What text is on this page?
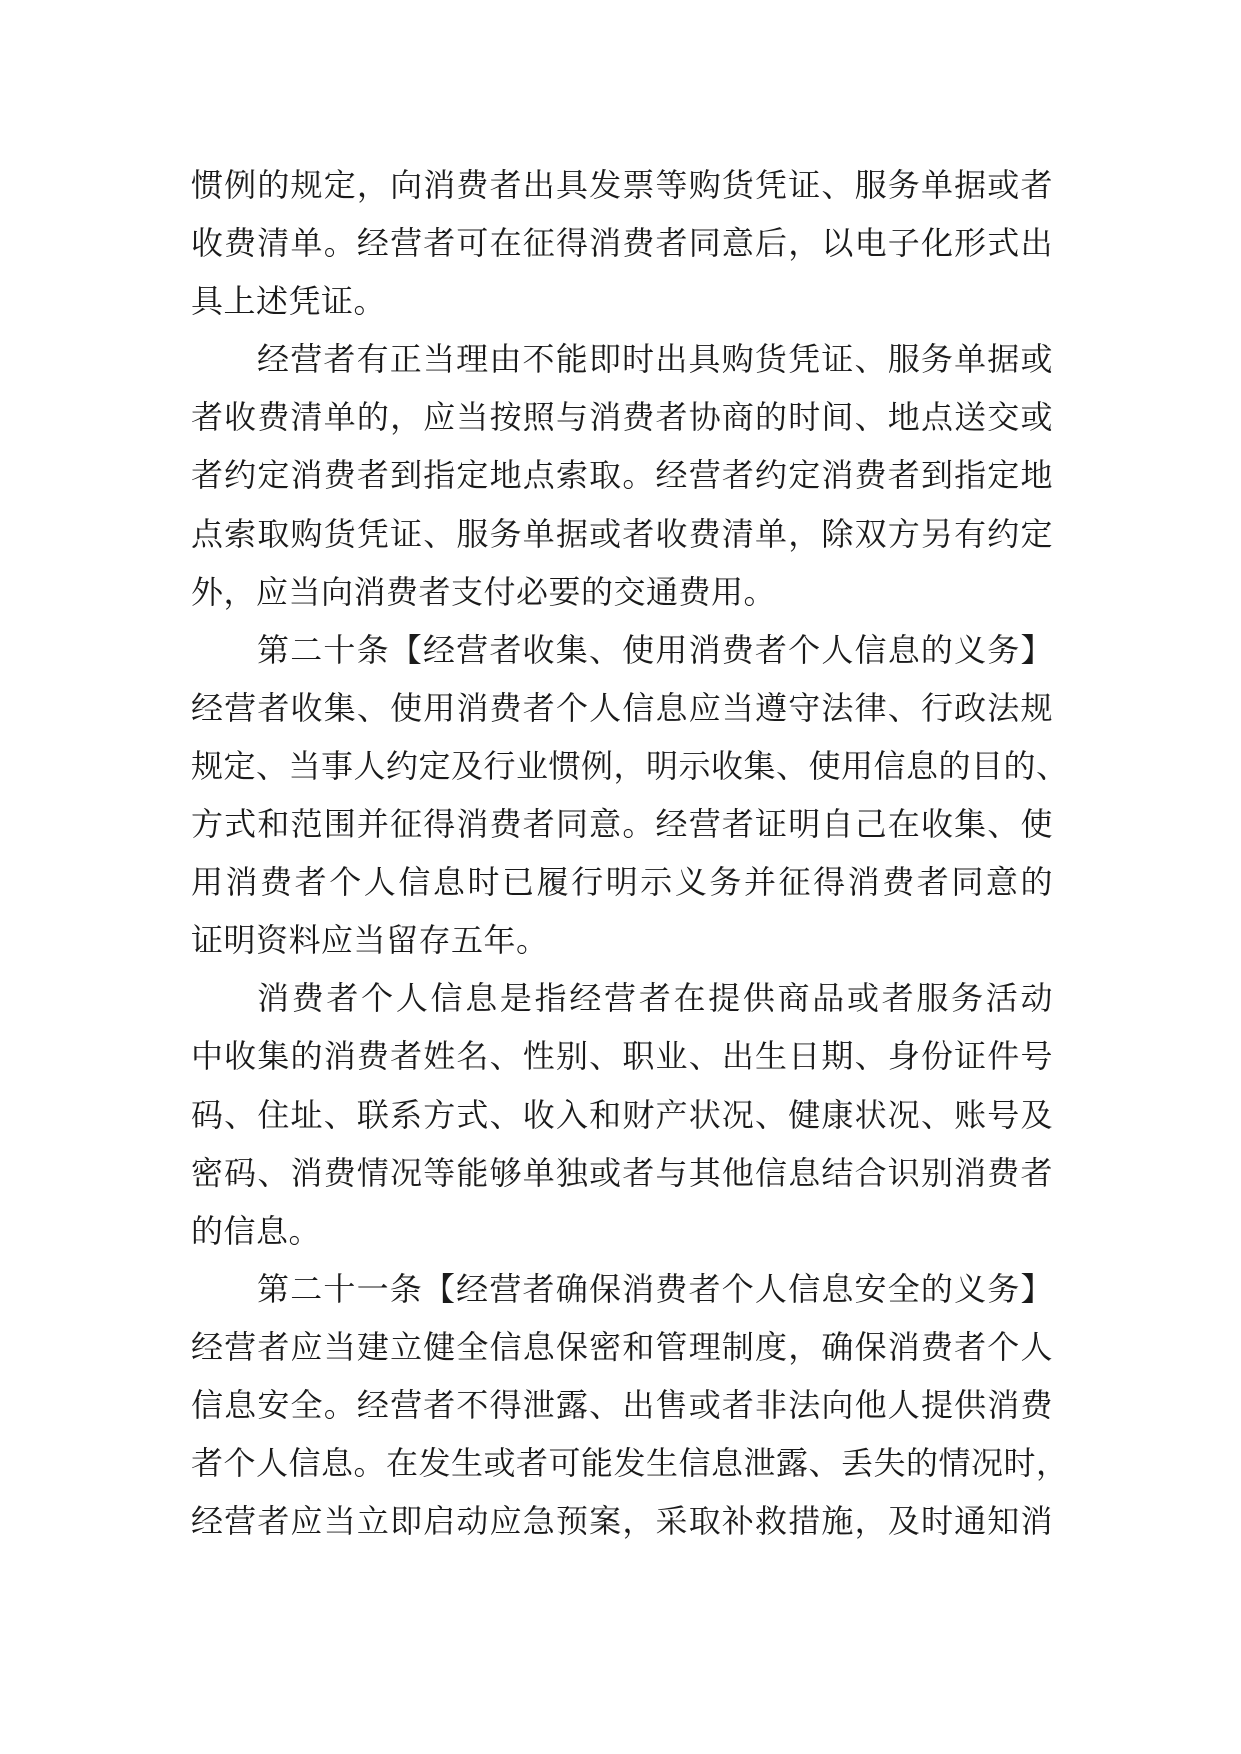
惯例的规定，向消费者出具发票等购货凭证、服务单据或者
收费清单。经营者可在征得消费者同意后，以电子化形式出
具上述凭证。
经营者有正当理由不能即时出具购货凭证、服务单据或
者收费清单的，应当按照与消费者协商的时间、地点送交或
者约定消费者到指定地点索取。经营者约定消费者到指定地
点索取购货凭证、服务单据或者收费清单，除双方另有约定
外，应当向消费者支付必要的交通费用。
第二十条【经营者收集、使用消费者个人信息的义务】
经营者收集、使用消费者个人信息应当遵守法律、行政法规
规定、当事人约定及行业惯例，明示收集、使用信息的目的、
方式和范围并征得消费者同意。经营者证明自己在收集、使
用消费者个人信息时已履行明示义务并征得消费者同意的
证明资料应当留存五年。
消费者个人信息是指经营者在提供商品或者服务活动
中收集的消费者姓名、性别、职业、出生日期、身份证件号
码、住址、联系方式、收入和财产状况、健康状况、账号及
密码、消费情况等能够单独或者与其他信息结合识别消费者
的信息。
第二十一条【经营者确保消费者个人信息安全的义务】
经营者应当建立健全信息保密和管理制度，确保消费者个人
信息安全。经营者不得泄露、出售或者非法向他人提供消费
者个人信息。在发生或者可能发生信息泄露、丢失的情况时，
经营者应当立即启动应急预案，采取补救措施，及时通知消
